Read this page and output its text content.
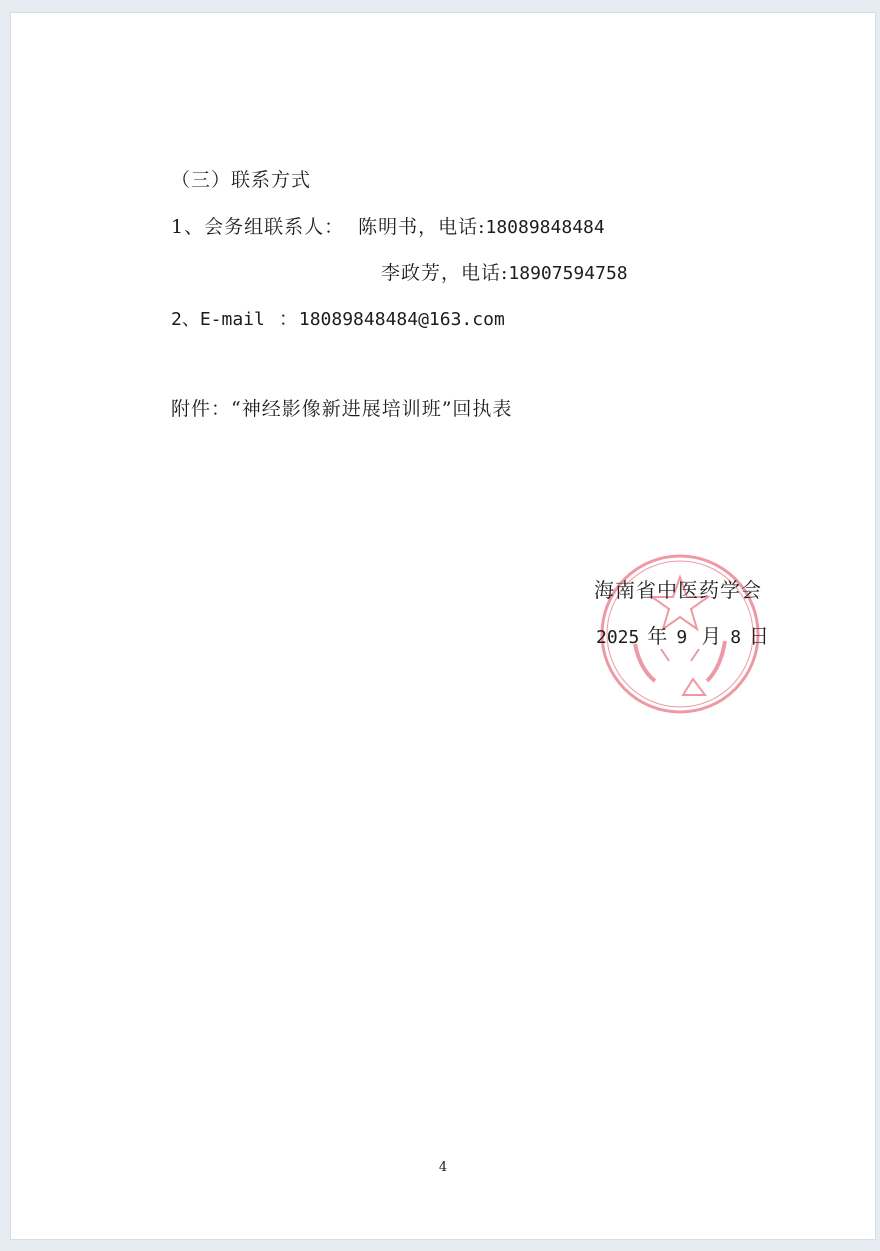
（三）联系方式
1、会务组联系人： 陈明书，电话:18089848484
李政芳，电话:18907594758
2、E-mail ：18089848484@163.com
附件：“神经影像新进展培训班”回执表
海南省中医药学会
2025 年 9 月 8 日
4
